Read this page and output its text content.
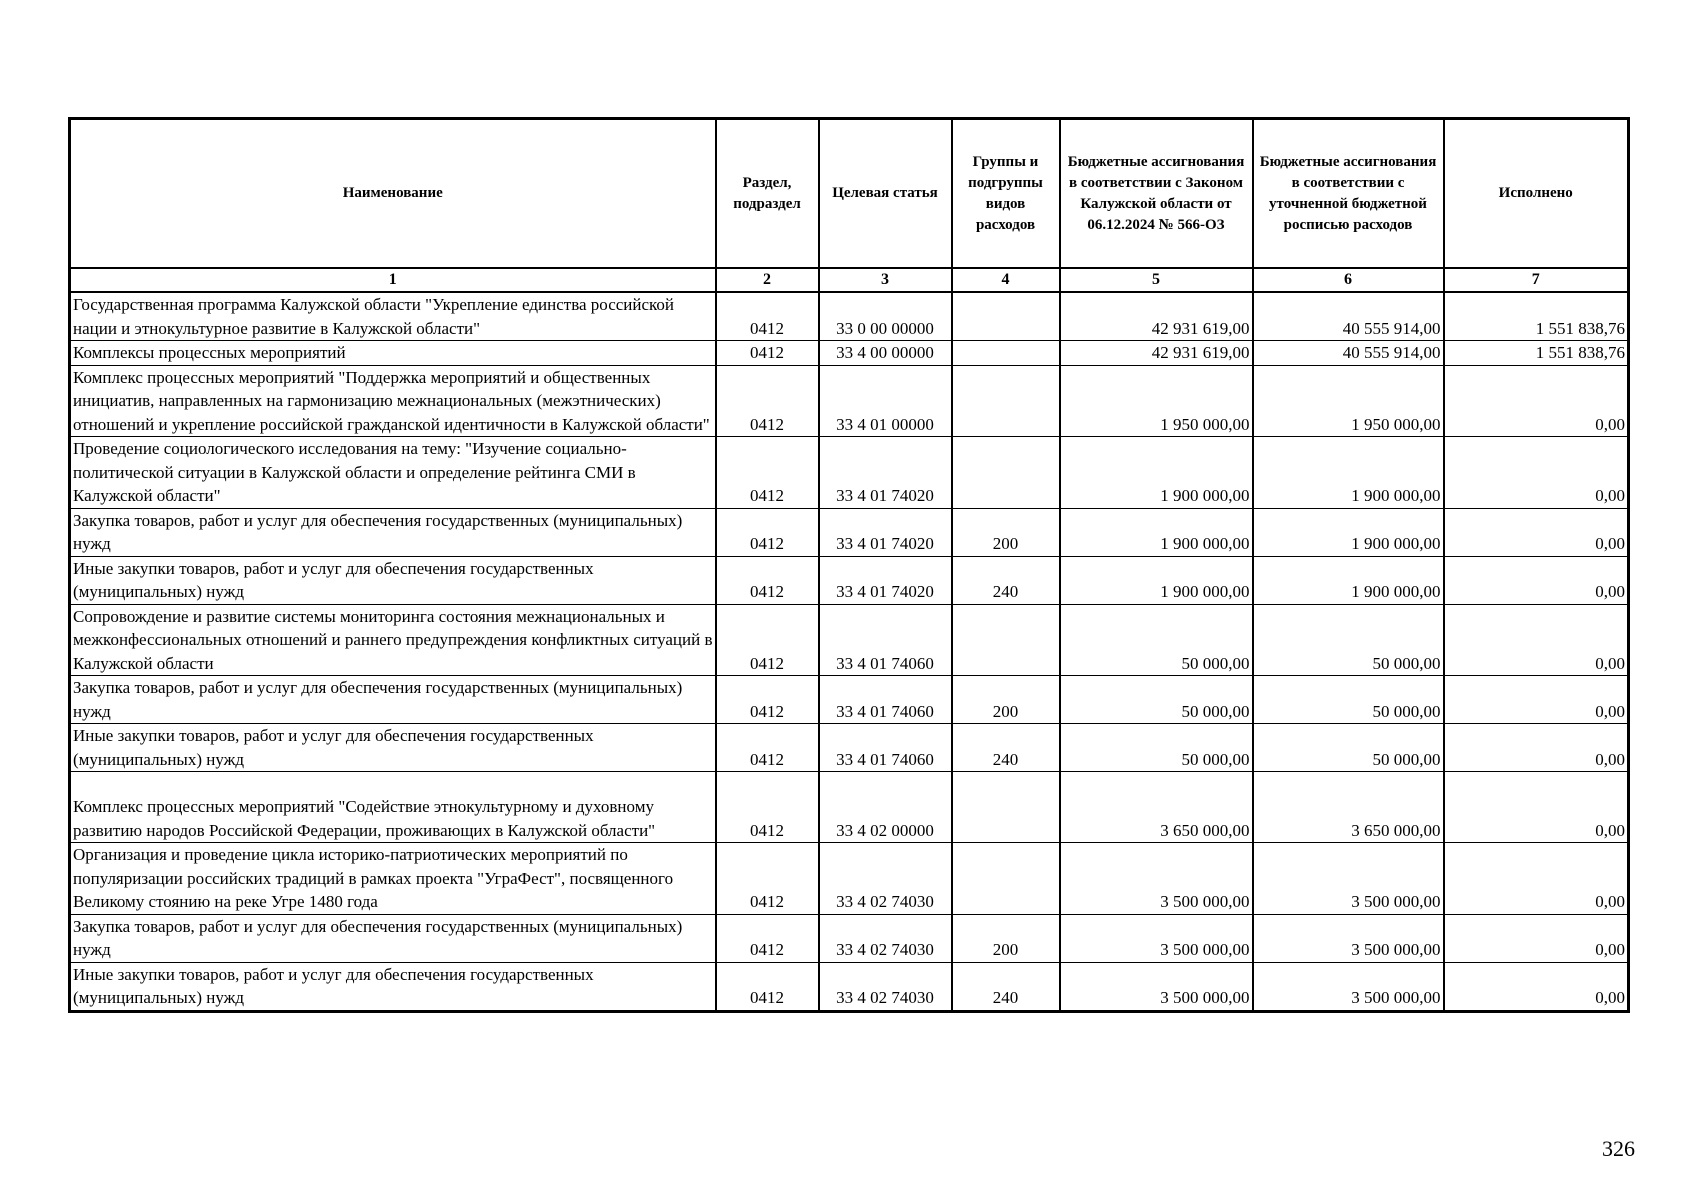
Наименование	Раздел, подраздел	Целевая статья	Группы и подгруппы видов расходов	Бюджетные ассигнования в соответствии с Законом Калужской области от 06.12.2024 № 566-ОЗ	Бюджетные ассигнования в соответствии с уточненной бюджетной росписью расходов	Исполнено
1	2	3	4	5	6	7
Государственная программа Калужской области "Укрепление единства российской нации и этнокультурное развитие в Калужской области"	0412	33 0 00 00000		42 931 619,00	40 555 914,00	1 551 838,76
Комплексы процессных мероприятий	0412	33 4 00 00000		42 931 619,00	40 555 914,00	1 551 838,76
Комплекс процессных мероприятий "Поддержка мероприятий и общественных инициатив, направленных на гармонизацию межнациональных (межэтнических) отношений и укрепление российской гражданской идентичности в Калужской области"	0412	33 4 01 00000		1 950 000,00	1 950 000,00	0,00
Проведение социологического исследования на тему: "Изучение социально-политической ситуации в Калужской области и определение рейтинга СМИ в Калужской области"	0412	33 4 01 74020		1 900 000,00	1 900 000,00	0,00
Закупка товаров, работ и услуг для обеспечения государственных (муниципальных) нужд	0412	33 4 01 74020	200	1 900 000,00	1 900 000,00	0,00
Иные закупки товаров, работ и услуг для обеспечения государственных (муниципальных) нужд	0412	33 4 01 74020	240	1 900 000,00	1 900 000,00	0,00
Сопровождение и развитие системы мониторинга состояния межнациональных и межконфессиональных отношений и раннего предупреждения конфликтных ситуаций в Калужской области	0412	33 4 01 74060		50 000,00	50 000,00	0,00
Закупка товаров, работ и услуг для обеспечения государственных (муниципальных) нужд	0412	33 4 01 74060	200	50 000,00	50 000,00	0,00
Иные закупки товаров, работ и услуг для обеспечения государственных (муниципальных) нужд	0412	33 4 01 74060	240	50 000,00	50 000,00	0,00
Комплекс процессных мероприятий "Содействие этнокультурному и духовному развитию народов Российской Федерации, проживающих в Калужской области"	0412	33 4 02 00000		3 650 000,00	3 650 000,00	0,00
Организация и проведение цикла историко-патриотических мероприятий по популяризации российских традиций в рамках проекта "УграФест", посвященного Великому стоянию на реке Угре 1480 года	0412	33 4 02 74030		3 500 000,00	3 500 000,00	0,00
Закупка товаров, работ и услуг для обеспечения государственных (муниципальных) нужд	0412	33 4 02 74030	200	3 500 000,00	3 500 000,00	0,00
Иные закупки товаров, работ и услуг для обеспечения государственных (муниципальных) нужд	0412	33 4 02 74030	240	3 500 000,00	3 500 000,00	0,00
326
